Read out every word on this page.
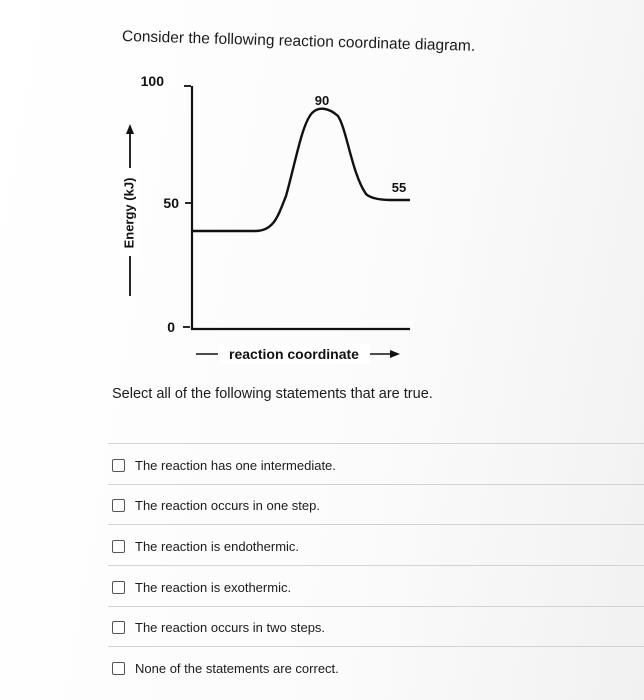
Consider the following reaction coordinate diagram.
Energy (kJ)
100
50
0
90
55
reaction coordinate
Select all of the following statements that are true.
The reaction has one intermediate.
The reaction occurs in one step.
The reaction is endothermic.
The reaction is exothermic.
The reaction occurs in two steps.
None of the statements are correct.
